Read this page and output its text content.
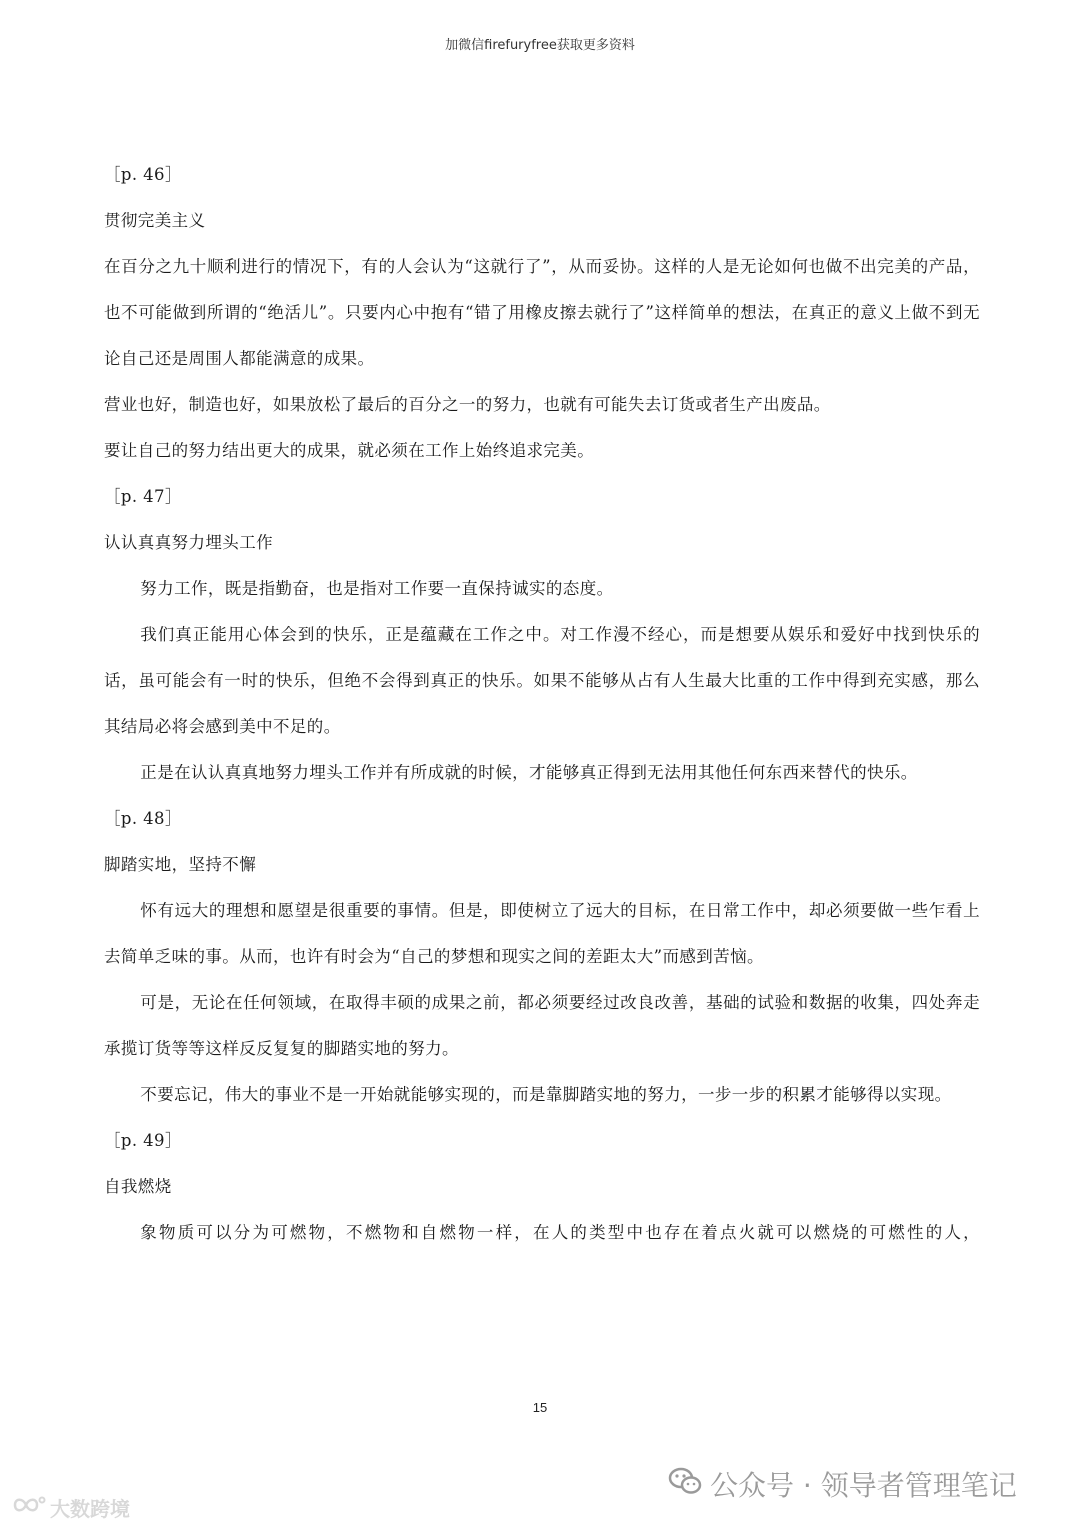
加微信firefuryfree获取更多资料

［p. 46］

贯彻完美主义

在百分之九十顺利进行的情况下，有的人会认为“这就行了”，从而妥协。这样的人是无论如何也做不出完美的产品，也不可能做到所谓的“绝活儿”。只要内心中抱有“错了用橡皮擦去就行了”这样简单的想法，在真正的意义上做不到无论自己还是周围人都能满意的成果。

营业也好，制造也好，如果放松了最后的百分之一的努力，也就有可能失去订货或者生产出废品。

要让自己的努力结出更大的成果，就必须在工作上始终追求完美。

［p. 47］

认认真真努力埋头工作

努力工作，既是指勤奋，也是指对工作要一直保持诚实的态度。

我们真正能用心体会到的快乐，正是蕴藏在工作之中。对工作漫不经心，而是想要从娱乐和爱好中找到快乐的话，虽可能会有一时的快乐，但绝不会得到真正的快乐。如果不能够从占有人生最大比重的工作中得到充实感，那么其结局必将会感到美中不足的。

正是在认认真真地努力埋头工作并有所成就的时候，才能够真正得到无法用其他任何东西来替代的快乐。

［p. 48］

脚踏实地，坚持不懈

怀有远大的理想和愿望是很重要的事情。但是，即使树立了远大的目标，在日常工作中，却必须要做一些乍看上去简单乏味的事。从而，也许有时会为“自己的梦想和现实之间的差距太大”而感到苦恼。

可是，无论在任何领域，在取得丰硕的成果之前，都必须要经过改良改善，基础的试验和数据的收集，四处奔走承揽订货等等这样反反复复的脚踏实地的努力。

不要忘记，伟大的事业不是一开始就能够实现的，而是靠脚踏实地的努力，一步一步的积累才能够得以实现。

［p. 49］

自我燃烧

象物质可以分为可燃物，不燃物和自燃物一样，在人的类型中也存在着点火就可以燃烧的可燃性的人，

15
公众号 · 领导者管理笔记
大数跨境
